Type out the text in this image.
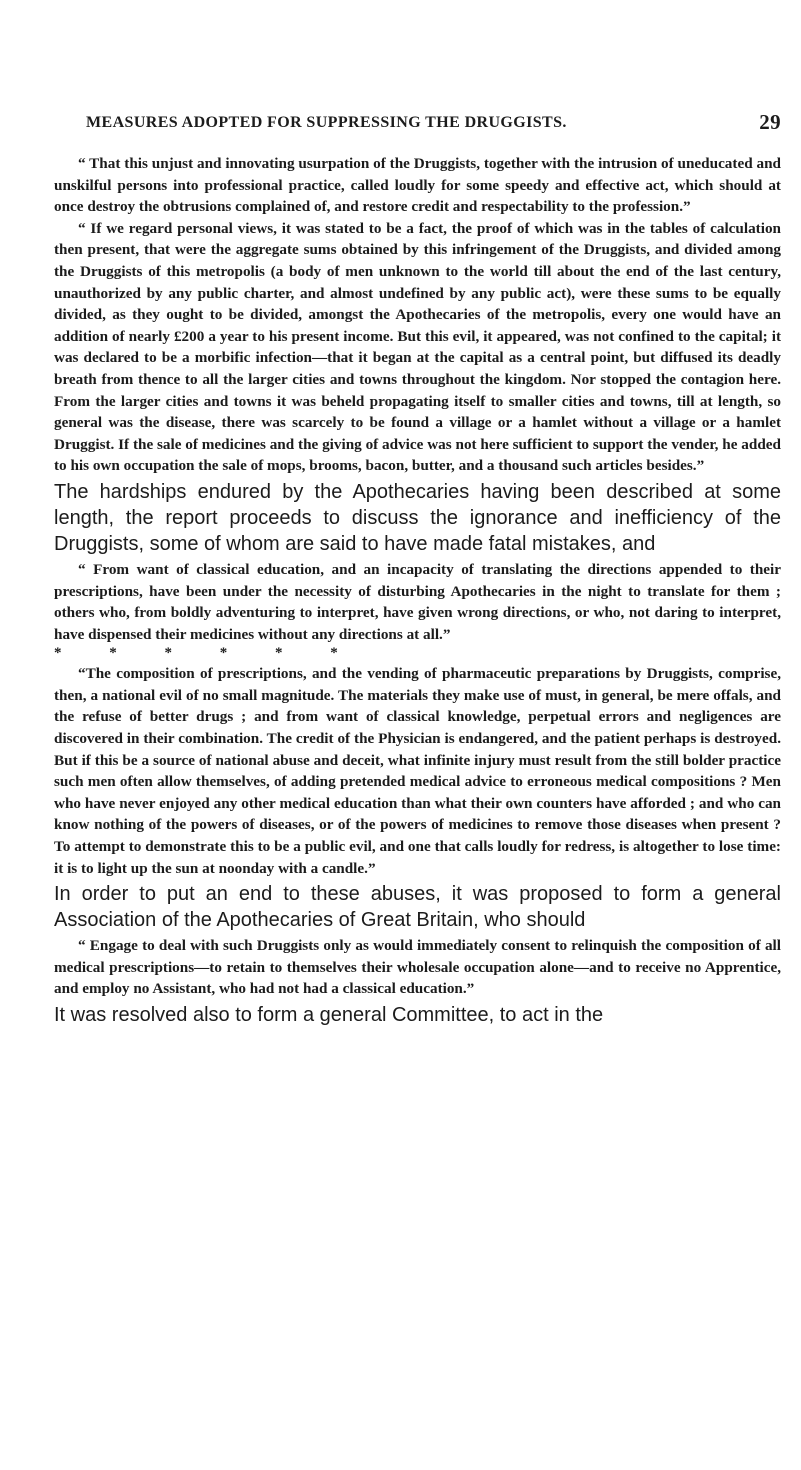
MEASURES ADOPTED FOR SUPPRESSING THE DRUGGISTS.	29

“ That this unjust and innovating usurpation of the Druggists, together with the intrusion of uneducated and unskilful persons into professional practice, called loudly for some speedy and effective act, which should at once destroy the obtrusions complained of, and restore credit and respectability to the profession.”

“ If we regard personal views, it was stated to be a fact, the proof of which was in the tables of calculation then present, that were the aggregate sums obtained by this infringement of the Druggists, and divided among the Druggists of this metropolis (a body of men unknown to the world till about the end of the last century, unauthorized by any public charter, and almost undefined by any public act), were these sums to be equally divided, as they ought to be divided, amongst the Apothecaries of the metropolis, every one would have an addition of nearly £200 a year to his present income. But this evil, it appeared, was not confined to the capital; it was declared to be a morbific infection—that it began at the capital as a central point, but diffused its deadly breath from thence to all the larger cities and towns throughout the kingdom. Nor stopped the contagion here. From the larger cities and towns it was beheld propagating itself to smaller cities and towns, till at length, so general was the disease, there was scarcely to be found a village or a hamlet without a village or a hamlet Druggist. If the sale of medicines and the giving of advice was not here sufficient to support the vender, he added to his own occupation the sale of mops, brooms, bacon, butter, and a thousand such articles besides.”

The hardships endured by the Apothecaries having been described at some length, the report proceeds to discuss the ignorance and inefficiency of the Druggists, some of whom are said to have made fatal mistakes, and

“ From want of classical education, and an incapacity of translating the directions appended to their prescriptions, have been under the necessity of disturbing Apothecaries in the night to translate for them ; others who, from boldly adventuring to interpret, have given wrong directions, or who, not daring to interpret, have dispensed their medicines without any directions at all.”

*	*	*	*	*	*

“The composition of prescriptions, and the vending of pharmaceutic preparations by Druggists, comprise, then, a national evil of no small magnitude. The materials they make use of must, in general, be mere offals, and the refuse of better drugs ; and from want of classical knowledge, perpetual errors and negligences are discovered in their combination. The credit of the Physician is endangered, and the patient perhaps is destroyed. But if this be a source of national abuse and deceit, what infinite injury must result from the still bolder practice such men often allow themselves, of adding pretended medical advice to erroneous medical compositions ? Men who have never enjoyed any other medical education than what their own counters have afforded ; and who can know nothing of the powers of diseases, or of the powers of medicines to remove those diseases when present ? To attempt to demonstrate this to be a public evil, and one that calls loudly for redress, is altogether to lose time: it is to light up the sun at noonday with a candle.”

In order to put an end to these abuses, it was proposed to form a general Association of the Apothecaries of Great Britain, who should

“ Engage to deal with such Druggists only as would immediately consent to relinquish the composition of all medical prescriptions—to retain to themselves their wholesale occupation alone—and to receive no Apprentice, and employ no Assistant, who had not had a classical education.”

It was resolved also to form a general Committee, to act in the
